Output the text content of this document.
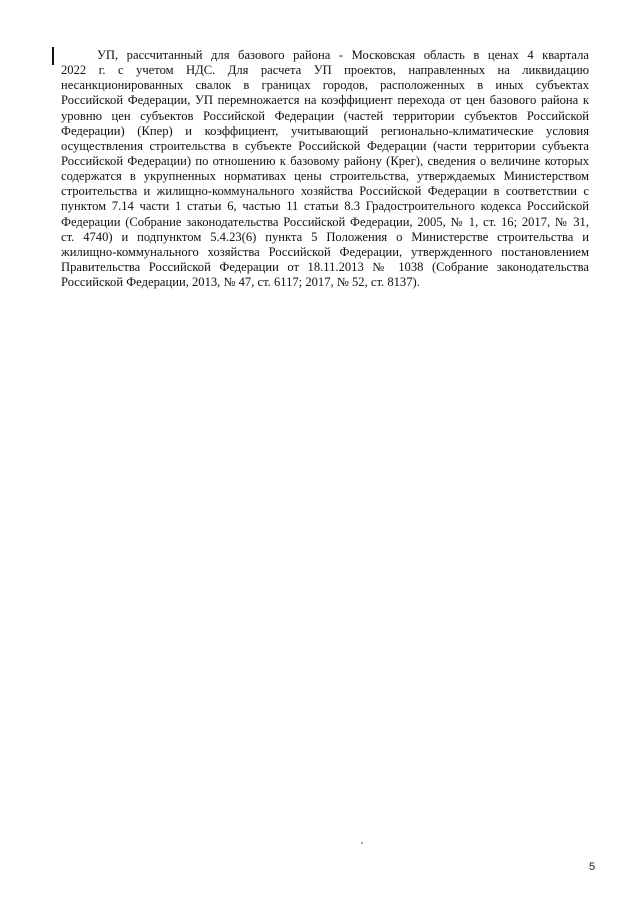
УП, рассчитанный для базового района - Московская область в ценах 4 квартала
2022 г. с учетом НДС. Для расчета УП проектов, направленных на ликвидацию
несанкционированных свалок в границах городов, расположенных в иных субъектах
Российской Федерации, УП перемножается на коэффициент перехода от цен базового района к
уровню цен субъектов Российской Федерации (частей территории субъектов Российской
Федерации) (Кпер) и коэффициент, учитывающий регионально-климатические условия
осуществления строительства в субъекте Российской Федерации (части территории субъекта
Российской Федерации) по отношению к базовому району (Крег), сведения о величине которых
содержатся в укрупненных нормативах цены строительства, утверждаемых Министерством
строительства и жилищно-коммунального хозяйства Российской Федерации в соответствии с
пунктом 7.14 части 1 статьи 6, частью 11 статьи 8.3 Градостроительного кодекса Российской
Федерации (Собрание законодательства Российской Федерации, 2005, № 1, ст. 16; 2017, № 31,
ст. 4740) и подпунктом 5.4.23(6) пункта 5 Положения о Министерстве строительства и
жилищно-коммунального хозяйства Российской Федерации, утвержденного постановлением
Правительства Российской Федерации от 18.11.2013 № 1038 (Собрание законодательства
Российской Федерации, 2013, № 47, ст. 6117; 2017, № 52, ст. 8137).
5
